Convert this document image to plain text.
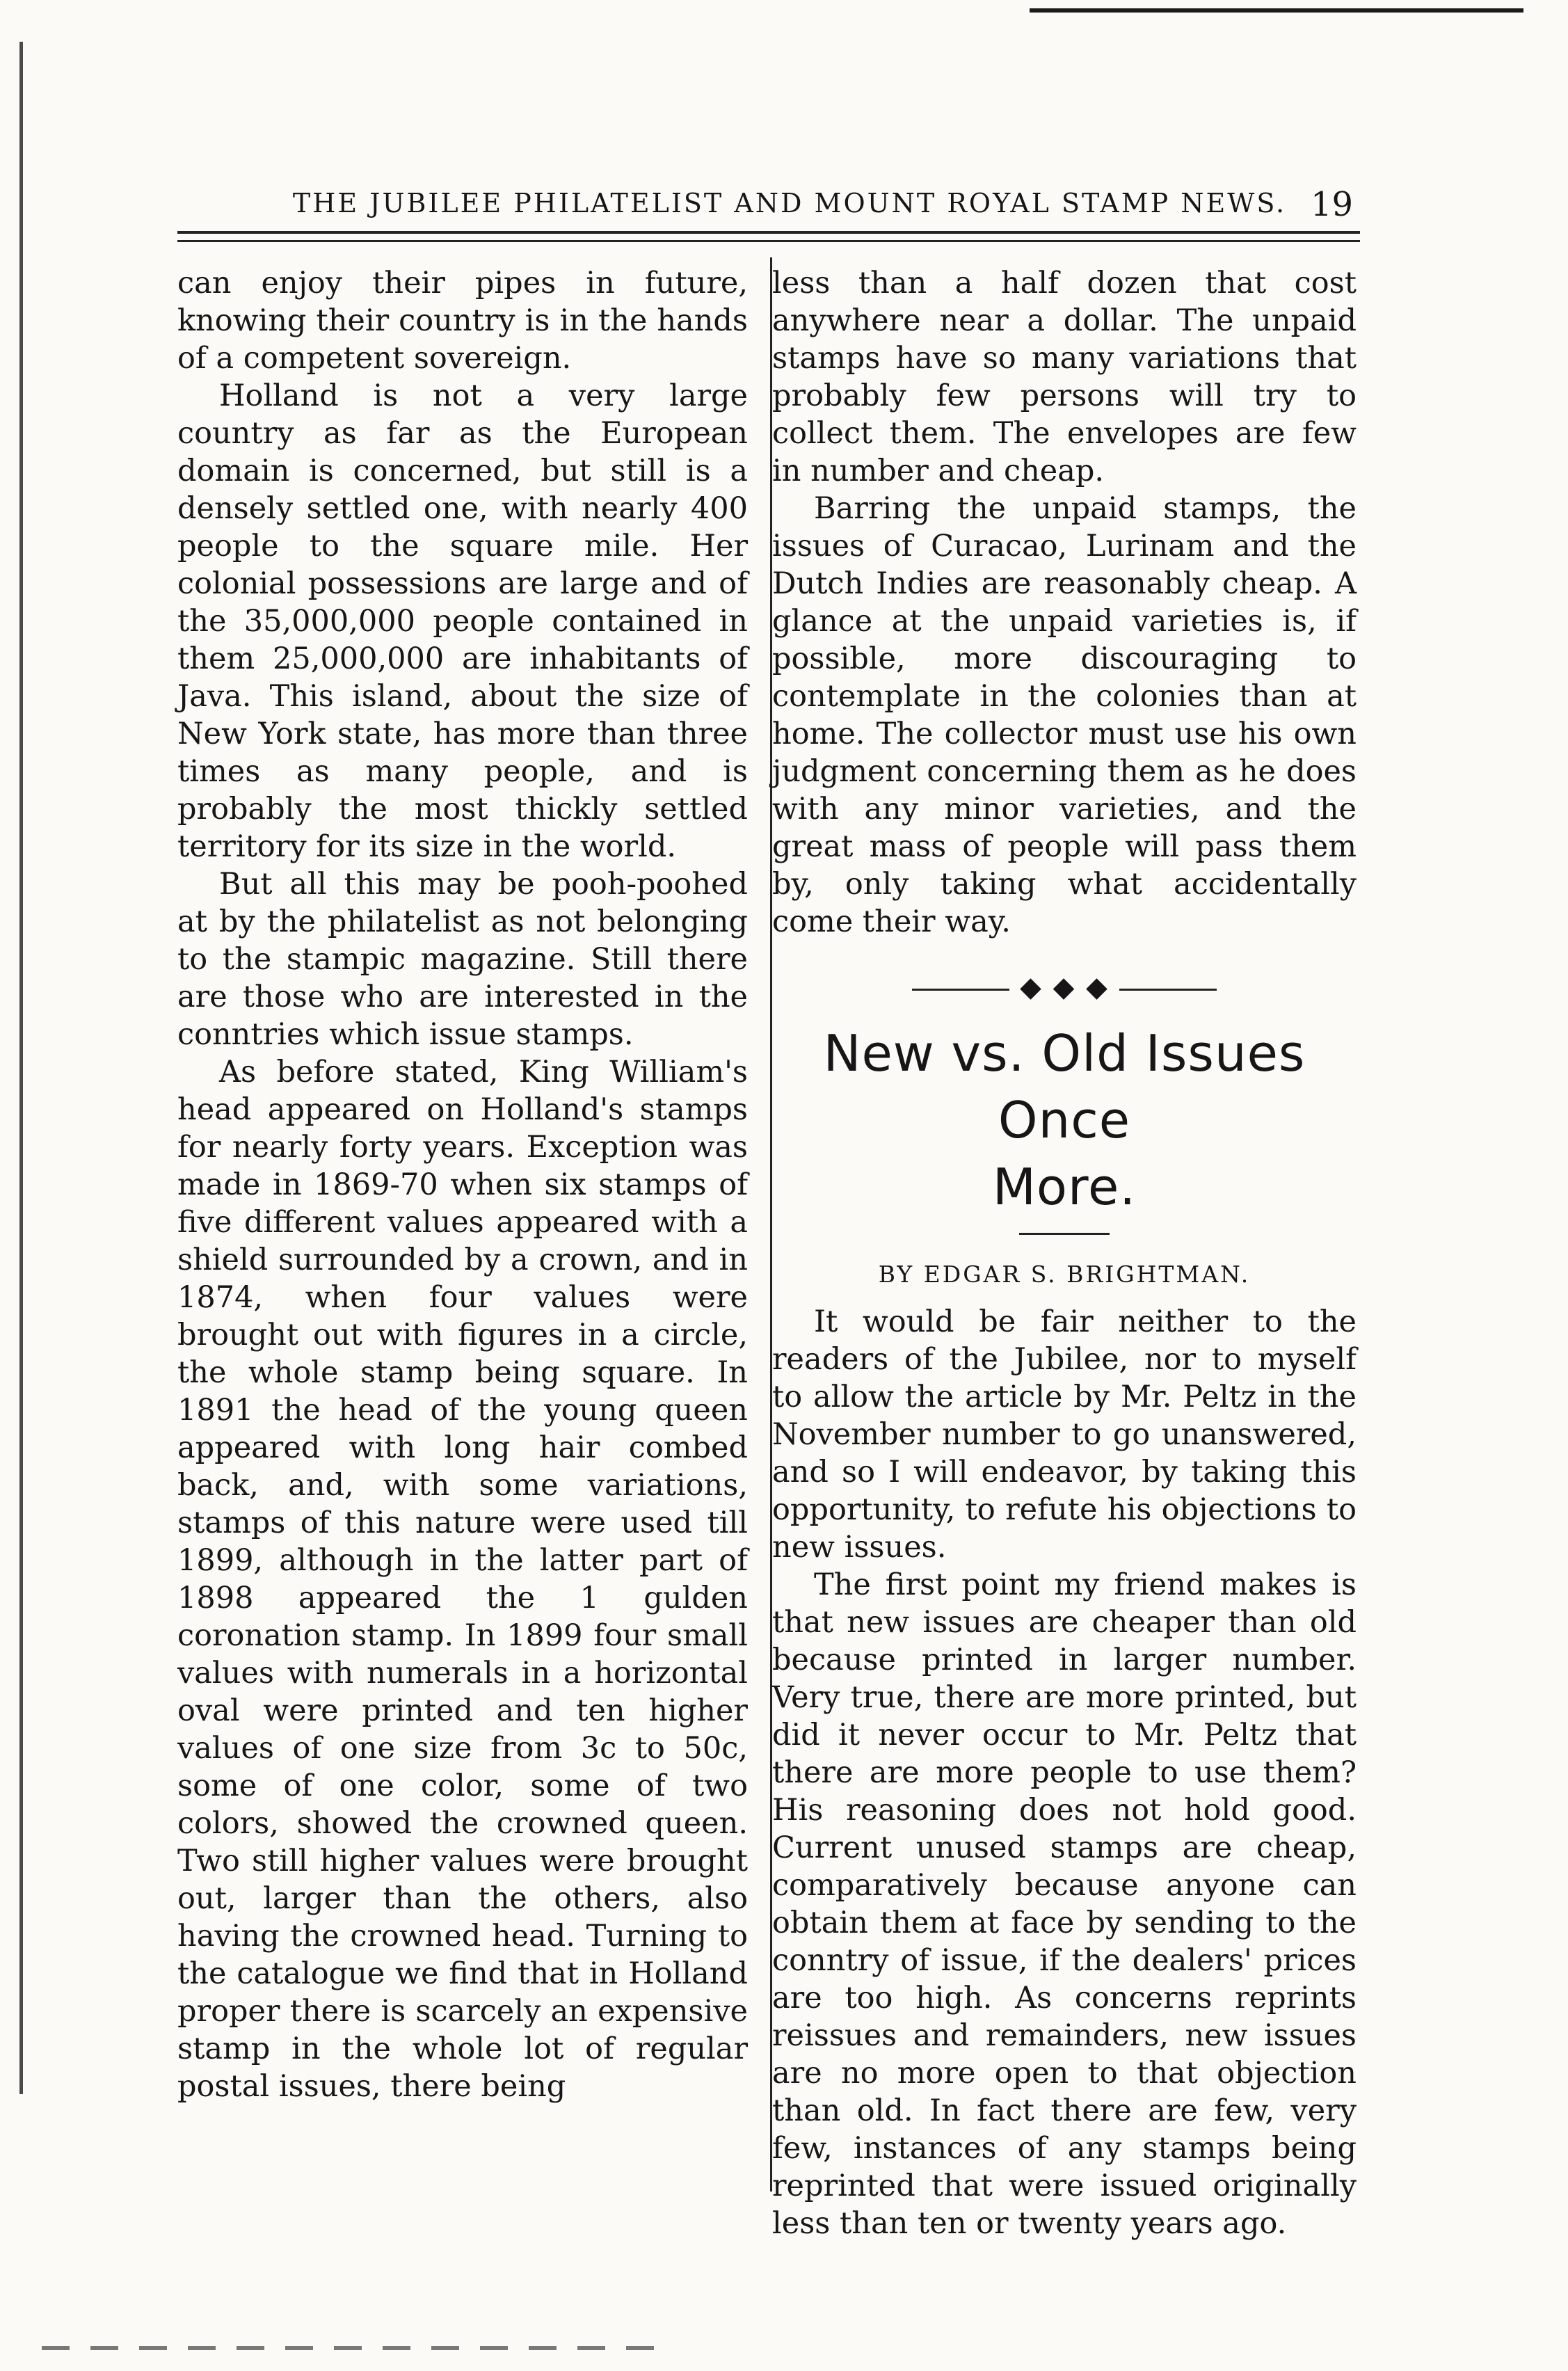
THE JUBILEE PHILATELIST AND MOUNT ROYAL STAMP NEWS. 19

can enjoy their pipes in future, knowing their country is in the hands of a competent sovereign.

Holland is not a very large country as far as the European domain is concerned, but still is a densely settled one, with nearly 400 people to the square mile. Her colonial possessions are large and of the 35,000,000 people contained in them 25,000,000 are inhabitants of Java. This island, about the size of New York state, has more than three times as many people, and is probably the most thickly settled territory for its size in the world.

But all this may be pooh-poohed at by the philatelist as not belonging to the stampic magazine. Still there are those who are interested in the conntries which issue stamps.

As before stated, King William's head appeared on Holland's stamps for nearly forty years. Exception was made in 1869-70 when six stamps of five different values appeared with a shield surrounded by a crown, and in 1874, when four values were brought out with figures in a circle, the whole stamp being square. In 1891 the head of the young queen appeared with long hair combed back, and, with some variations, stamps of this nature were used till 1899, although in the latter part of 1898 appeared the 1 gulden coronation stamp. In 1899 four small values with numerals in a horizontal oval were printed and ten higher values of one size from 3c to 50c, some of one color, some of two colors, showed the crowned queen. Two still higher values were brought out, larger than the others, also having the crowned head. Turning to the catalogue we find that in Holland proper there is scarcely an expensive stamp in the whole lot of regular postal issues, there being

less than a half dozen that cost anywhere near a dollar. The unpaid stamps have so many variations that probably few persons will try to collect them. The envelopes are few in number and cheap.

Barring the unpaid stamps, the issues of Curacao, Lurinam and the Dutch Indies are reasonably cheap. A glance at the unpaid varieties is, if possible, more discouraging to contemplate in the colonies than at home. The collector must use his own judgment concerning them as he does with any minor varieties, and the great mass of people will pass them by, only taking what accidentally come their way.

◆ ◆ ◆
New vs. Old Issues Once
More.
BY EDGAR S. BRIGHTMAN.

It would be fair neither to the readers of the Jubilee, nor to myself to allow the article by Mr. Peltz in the November number to go unanswered, and so I will endeavor, by taking this opportunity, to refute his objections to new issues.

The first point my friend makes is that new issues are cheaper than old because printed in larger number. Very true, there are more printed, but did it never occur to Mr. Peltz that there are more people to use them? His reasoning does not hold good. Current unused stamps are cheap, comparatively because anyone can obtain them at face by sending to the conntry of issue, if the dealers' prices are too high. As concerns reprints reissues and remainders, new issues are no more open to that objection than old. In fact there are few, very few, instances of any stamps being reprinted that were issued originally less than ten or twenty years ago.
